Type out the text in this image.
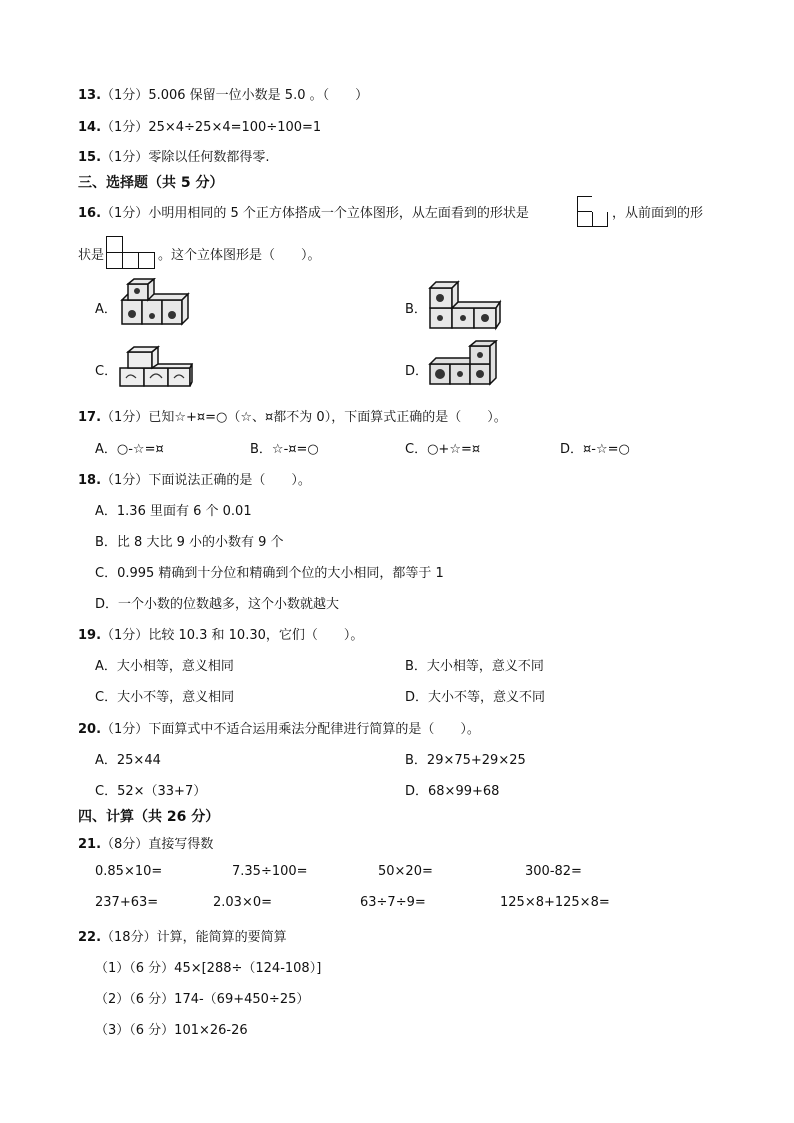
13.（1分）5.006 保留一位小数是 5.0 。（　　）
14.（1分）25×4÷25×4=100÷100=1
15.（1分）零除以任何数都得零.
三、选择题（共 5 分）
16.（1分）小明用相同的 5 个正方体搭成一个立体图形，从左面看到的形状是	，从前面到的形
状是	。这个立体图形是（　　）。
A．	B．
C．	D．
17.（1分）已知☆+¤=○（☆、¤都不为 0），下面算式正确的是（　　）。
A．○-☆=¤	B．☆-¤=○	C．○+☆=¤	D．¤-☆=○
18.（1分）下面说法正确的是（　　）。
A．1.36 里面有 6 个 0.01
B．比 8 大比 9 小的小数有 9 个
C．0.995 精确到十分位和精确到个位的大小相同，都等于 1
D．一个小数的位数越多，这个小数就越大
19.（1分）比较 10.3 和 10.30，它们（　　）。
A．大小相等，意义相同	B．大小相等，意义不同
C．大小不等，意义相同	D．大小不等，意义不同
20.（1分）下面算式中不适合运用乘法分配律进行简算的是（　　）。
A．25×44	B．29×75+29×25
C．52×（33+7）	D．68×99+68
四、计算（共 26 分）
21.（8分）直接写得数
0.85×10=	7.35÷100=	50×20=	300-82=
237+63=	2.03×0=	63÷7÷9=	125×8+125×8=
22.（18分）计算，能简算的要简算
（1）（6 分）45×[288÷（124-108）]
（2）（6 分）174-（69+450÷25）
（3）（6 分）101×26-26
